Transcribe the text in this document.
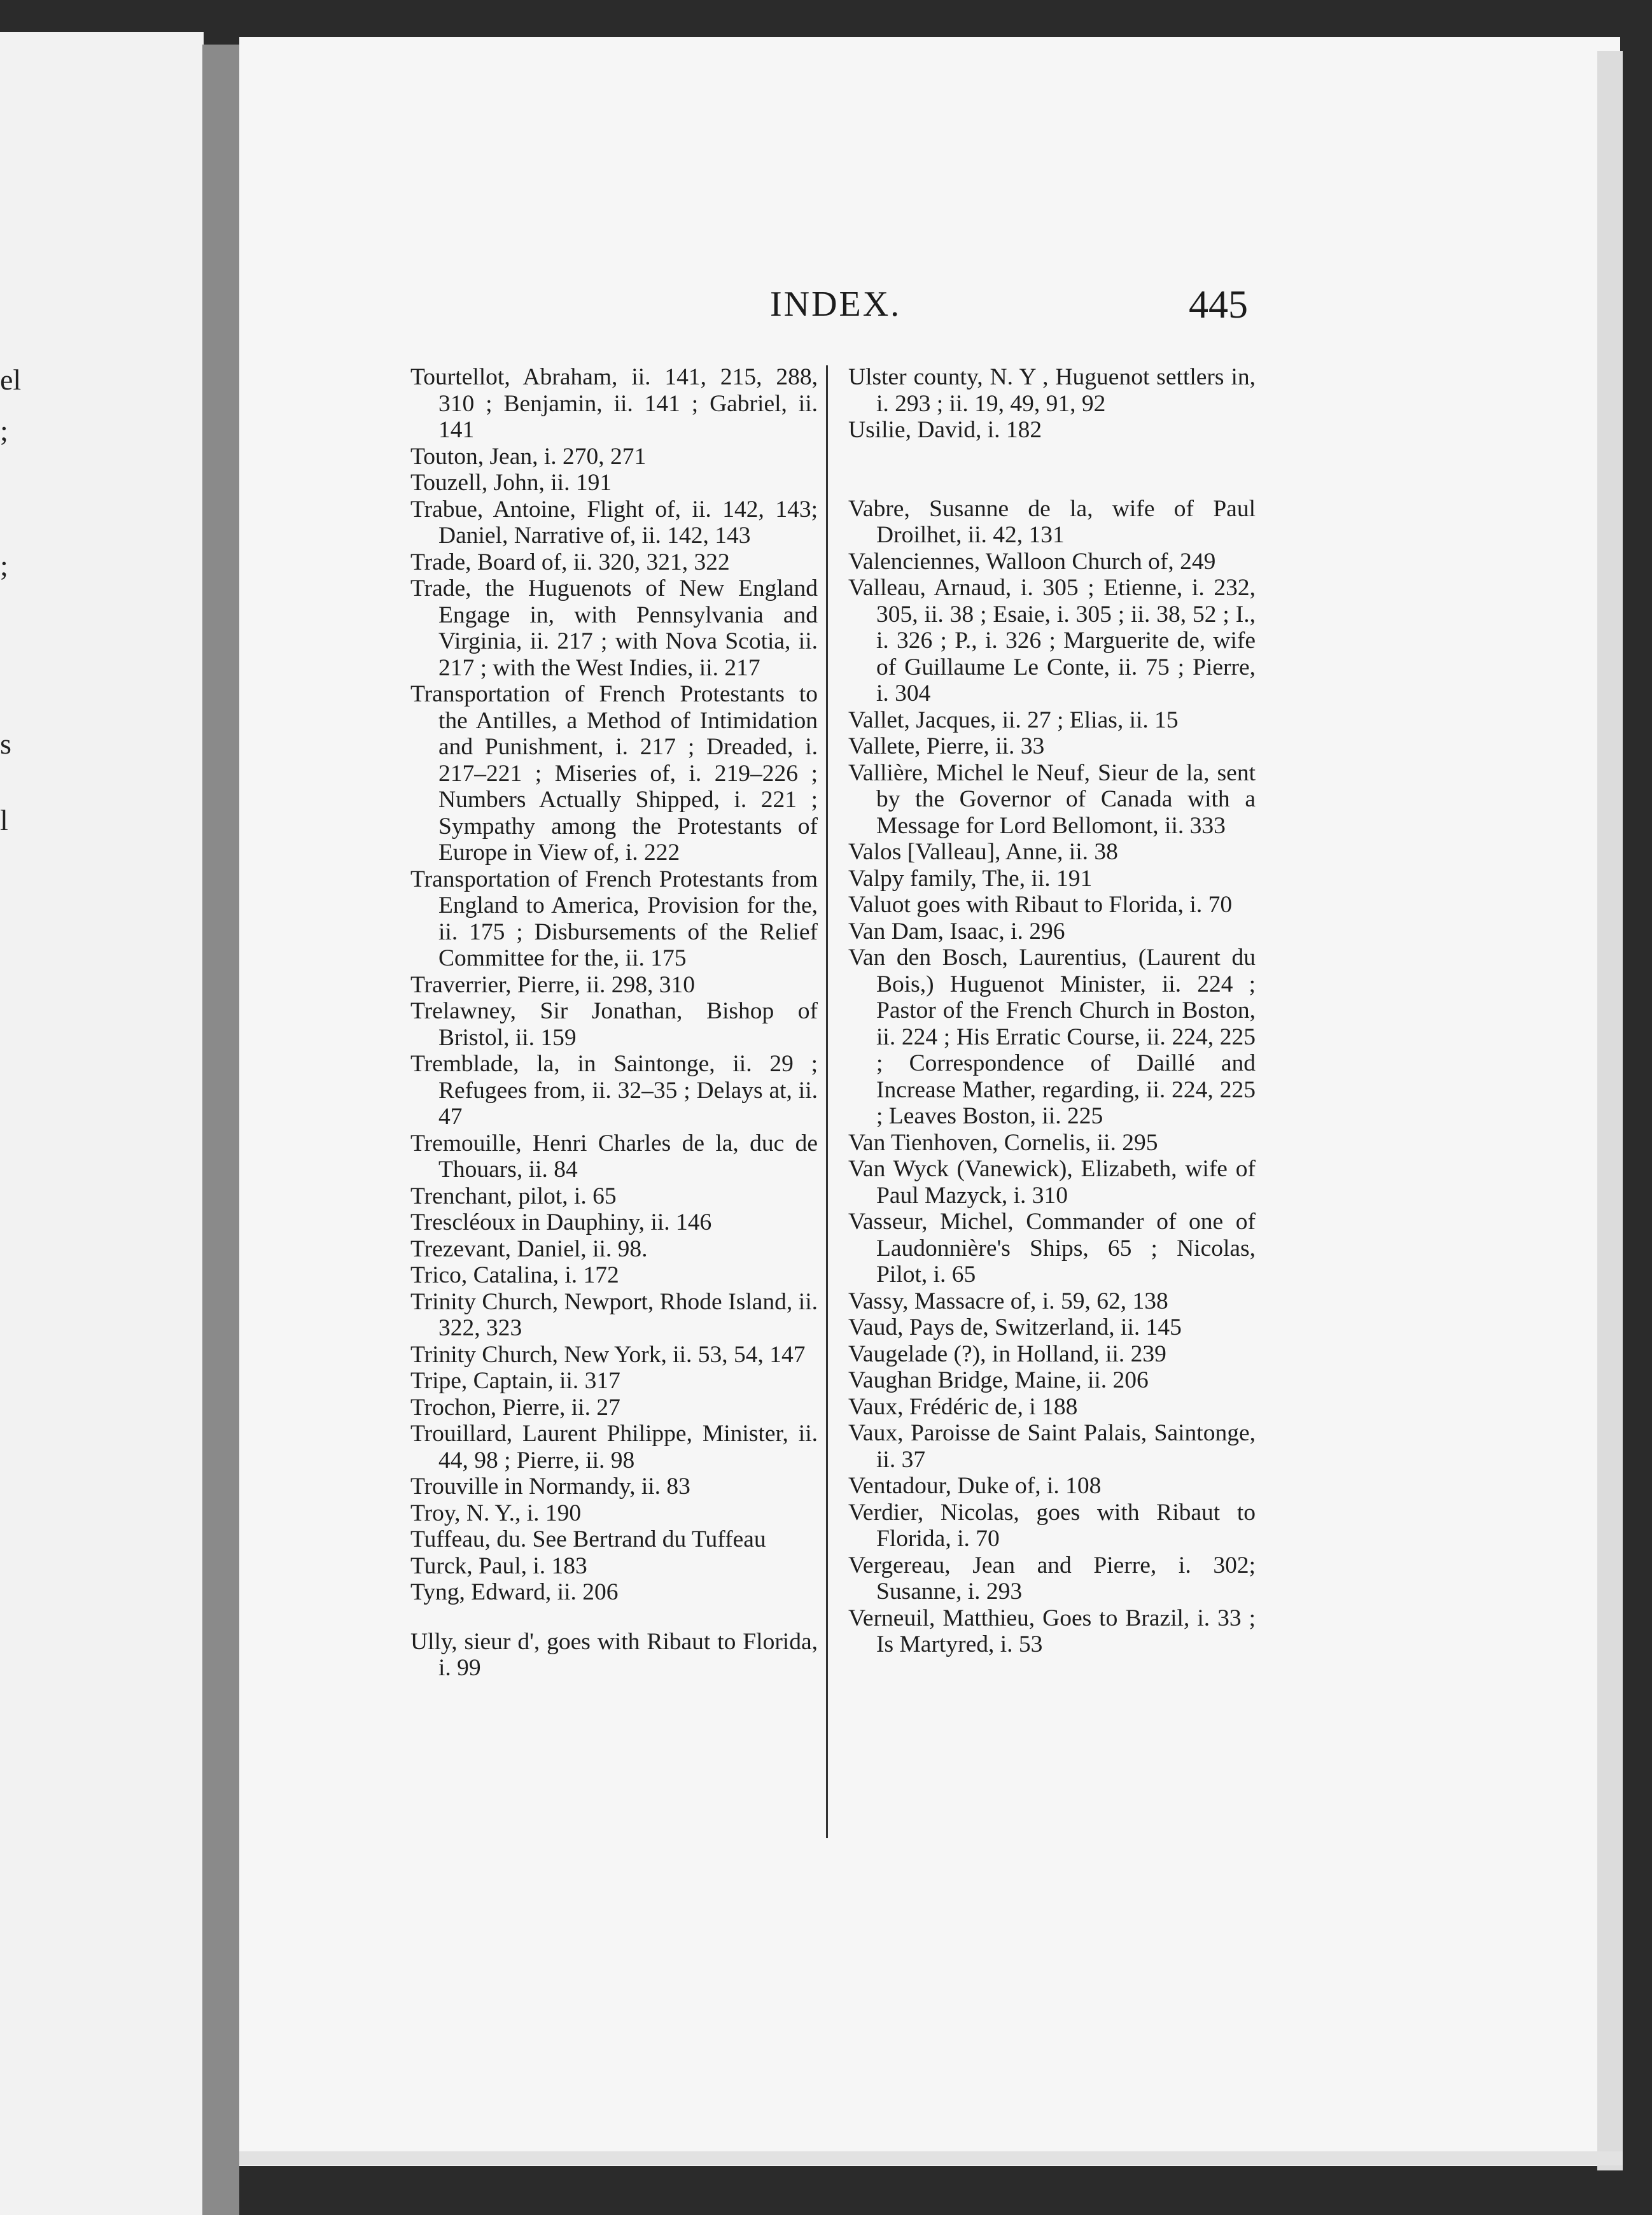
el
;
;
s
l
INDEX.	445
Tourtellot, Abraham, ii. 141, 215, 288, 310 ; Benjamin, ii. 141 ; Gabriel, ii. 141
Touton, Jean, i. 270, 271
Touzell, John, ii. 191
Trabue, Antoine, Flight of, ii. 142, 143; Daniel, Narrative of, ii. 142, 143
Trade, Board of, ii. 320, 321, 322
Trade, the Huguenots of New England Engage in, with Pennsylvania and Virginia, ii. 217 ; with Nova Scotia, ii. 217 ; with the West Indies, ii. 217
Transportation of French Protestants to the Antilles, a Method of Intimidation and Punishment, i. 217 ; Dreaded, i. 217–221 ; Miseries of, i. 219–226 ; Numbers Actually Shipped, i. 221 ; Sympathy among the Protestants of Europe in View of, i. 222
Transportation of French Protestants from England to America, Provision for the, ii. 175 ; Disbursements of the Relief Committee for the, ii. 175
Traverrier, Pierre, ii. 298, 310
Trelawney, Sir Jonathan, Bishop of Bristol, ii. 159
Tremblade, la, in Saintonge, ii. 29 ; Refugees from, ii. 32–35 ; Delays at, ii. 47
Tremouille, Henri Charles de la, duc de Thouars, ii. 84
Trenchant, pilot, i. 65
Trescléoux in Dauphiny, ii. 146
Trezevant, Daniel, ii. 98.
Trico, Catalina, i. 172
Trinity Church, Newport, Rhode Island, ii. 322, 323
Trinity Church, New York, ii. 53, 54, 147
Tripe, Captain, ii. 317
Trochon, Pierre, ii. 27
Trouillard, Laurent Philippe, Minister, ii. 44, 98 ; Pierre, ii. 98
Trouville in Normandy, ii. 83
Troy, N. Y., i. 190
Tuffeau, du. See Bertrand du Tuffeau
Turck, Paul, i. 183
Tyng, Edward, ii. 206
Ully, sieur d', goes with Ribaut to Florida, i. 99
Ulster county, N. Y , Huguenot settlers in, i. 293 ; ii. 19, 49, 91, 92
Usilie, David, i. 182
Vabre, Susanne de la, wife of Paul Droilhet, ii. 42, 131
Valenciennes, Walloon Church of, 249
Valleau, Arnaud, i. 305 ; Etienne, i. 232, 305, ii. 38 ; Esaie, i. 305 ; ii. 38, 52 ; I., i. 326 ; P., i. 326 ; Marguerite de, wife of Guillaume Le Conte, ii. 75 ; Pierre, i. 304
Vallet, Jacques, ii. 27 ; Elias, ii. 15
Vallete, Pierre, ii. 33
Vallière, Michel le Neuf, Sieur de la, sent by the Governor of Canada with a Message for Lord Bellomont, ii. 333
Valos [Valleau], Anne, ii. 38
Valpy family, The, ii. 191
Valuot goes with Ribaut to Florida, i. 70
Van Dam, Isaac, i. 296
Van den Bosch, Laurentius, (Laurent du Bois,) Huguenot Minister, ii. 224 ; Pastor of the French Church in Boston, ii. 224 ; His Erratic Course, ii. 224, 225 ; Correspondence of Daillé and Increase Mather, regarding, ii. 224, 225 ; Leaves Boston, ii. 225
Van Tienhoven, Cornelis, ii. 295
Van Wyck (Vanewick), Elizabeth, wife of Paul Mazyck, i. 310
Vasseur, Michel, Commander of one of Laudonnière's Ships, 65 ; Nicolas, Pilot, i. 65
Vassy, Massacre of, i. 59, 62, 138
Vaud, Pays de, Switzerland, ii. 145
Vaugelade (?), in Holland, ii. 239
Vaughan Bridge, Maine, ii. 206
Vaux, Frédéric de, i 188
Vaux, Paroisse de Saint Palais, Saintonge, ii. 37
Ventadour, Duke of, i. 108
Verdier, Nicolas, goes with Ribaut to Florida, i. 70
Vergereau, Jean and Pierre, i. 302; Susanne, i. 293
Verneuil, Matthieu, Goes to Brazil, i. 33 ; Is Martyred, i. 53
